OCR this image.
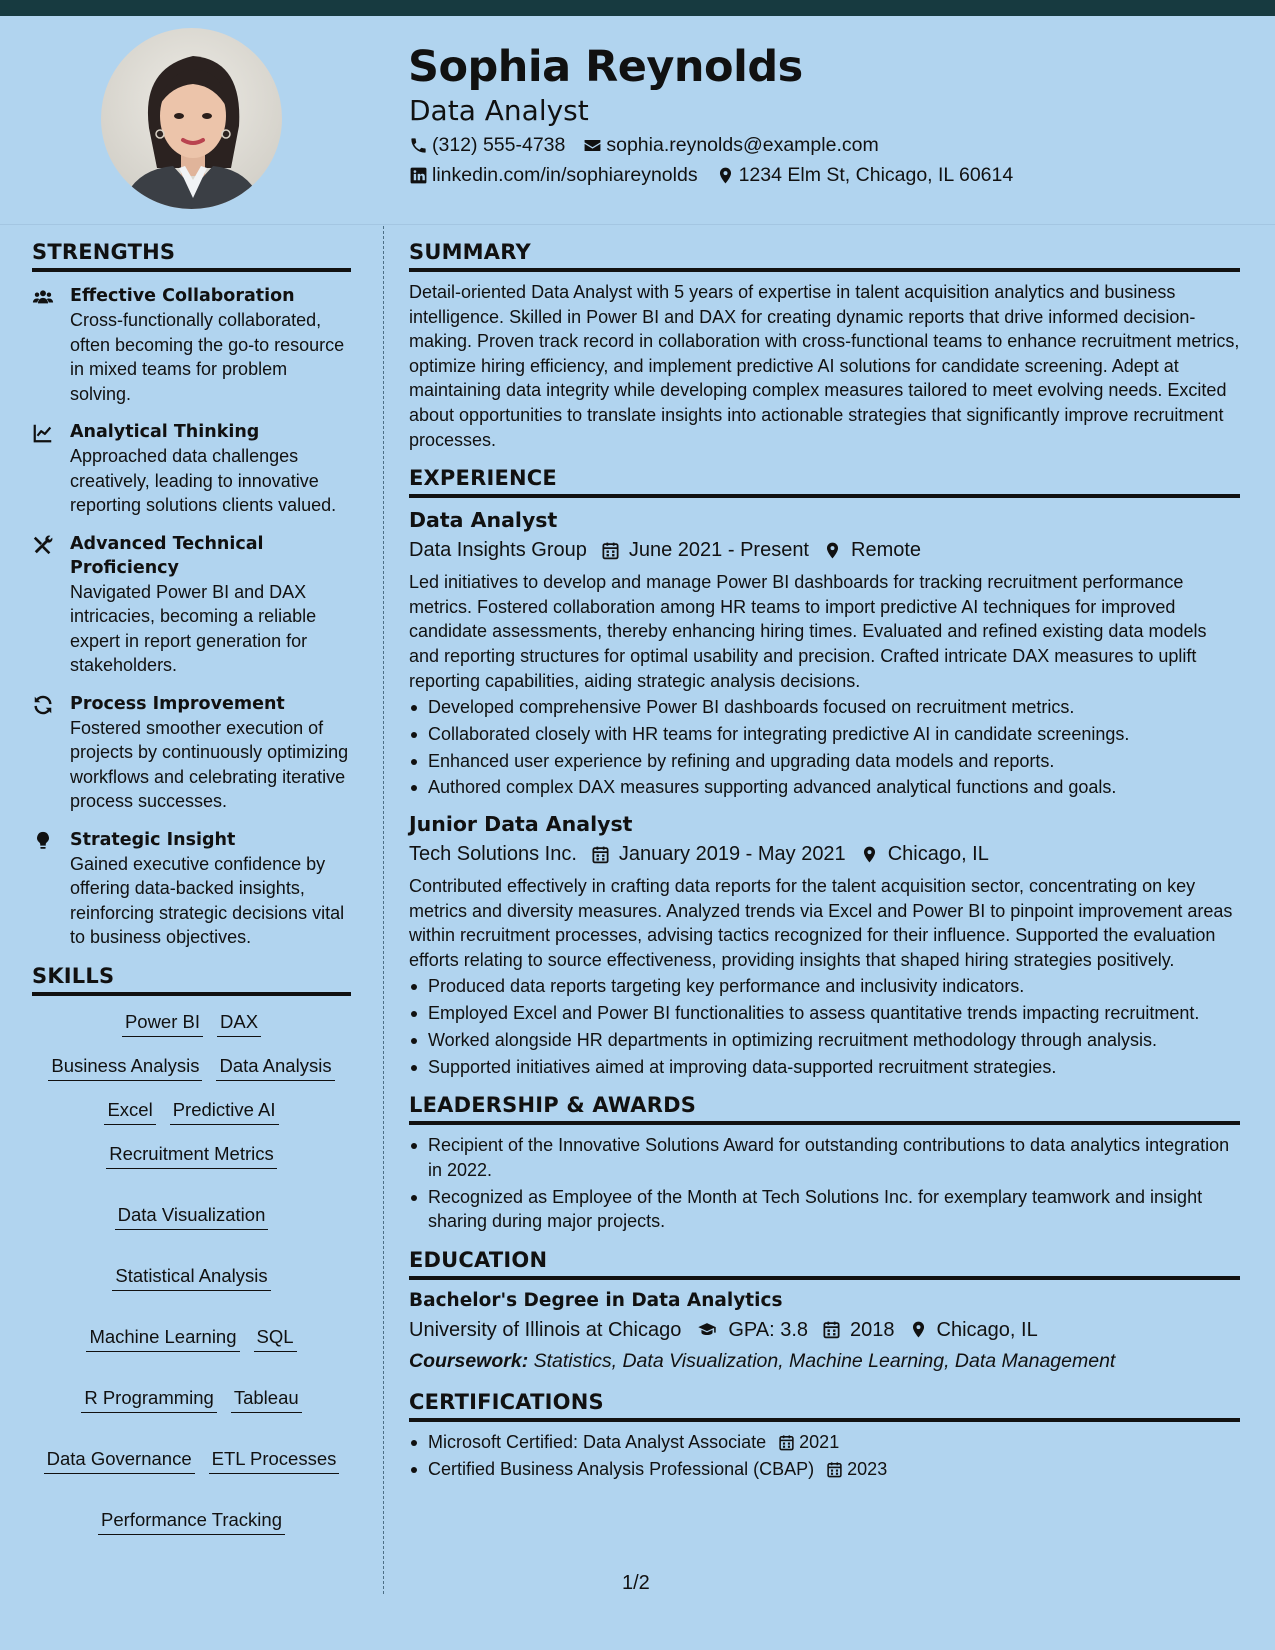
Sophia Reynolds
Data Analyst
(312) 555-4738 sophia.reynolds@example.com
linkedin.com/in/sophiareynolds 1234 Elm St, Chicago, IL 60614
STRENGTHS
Effective Collaboration
Cross-functionally collaborated, often becoming the go-to resource in mixed teams for problem solving.
Analytical Thinking
Approached data challenges creatively, leading to innovative reporting solutions clients valued.
Advanced Technical Proficiency
Navigated Power BI and DAX intricacies, becoming a reliable expert in report generation for stakeholders.
Process Improvement
Fostered smoother execution of projects by continuously optimizing workflows and celebrating iterative process successes.
Strategic Insight
Gained executive confidence by offering data-backed insights, reinforcing strategic decisions vital to business objectives.
SKILLS
Power BI DAX
Business Analysis Data Analysis
Excel Predictive AI
Recruitment Metrics
Data Visualization
Statistical Analysis
Machine Learning SQL
R Programming Tableau
Data Governance ETL Processes
Performance Tracking
SUMMARY
Detail-oriented Data Analyst with 5 years of expertise in talent acquisition analytics and business intelligence. Skilled in Power BI and DAX for creating dynamic reports that drive informed decision-making. Proven track record in collaboration with cross-functional teams to enhance recruitment metrics, optimize hiring efficiency, and implement predictive AI solutions for candidate screening. Adept at maintaining data integrity while developing complex measures tailored to meet evolving needs. Excited about opportunities to translate insights into actionable strategies that significantly improve recruitment processes.
EXPERIENCE
Data Analyst
Data Insights Group June 2021 - Present Remote
Led initiatives to develop and manage Power BI dashboards for tracking recruitment performance metrics. Fostered collaboration among HR teams to import predictive AI techniques for improved candidate assessments, thereby enhancing hiring times. Evaluated and refined existing data models and reporting structures for optimal usability and precision. Crafted intricate DAX measures to uplift reporting capabilities, aiding strategic analysis decisions.
Developed comprehensive Power BI dashboards focused on recruitment metrics.
Collaborated closely with HR teams for integrating predictive AI in candidate screenings.
Enhanced user experience by refining and upgrading data models and reports.
Authored complex DAX measures supporting advanced analytical functions and goals.
Junior Data Analyst
Tech Solutions Inc. January 2019 - May 2021 Chicago, IL
Contributed effectively in crafting data reports for the talent acquisition sector, concentrating on key metrics and diversity measures. Analyzed trends via Excel and Power BI to pinpoint improvement areas within recruitment processes, advising tactics recognized for their influence. Supported the evaluation efforts relating to source effectiveness, providing insights that shaped hiring strategies positively.
Produced data reports targeting key performance and inclusivity indicators.
Employed Excel and Power BI functionalities to assess quantitative trends impacting recruitment.
Worked alongside HR departments in optimizing recruitment methodology through analysis.
Supported initiatives aimed at improving data-supported recruitment strategies.
LEADERSHIP & AWARDS
Recipient of the Innovative Solutions Award for outstanding contributions to data analytics integration in 2022.
Recognized as Employee of the Month at Tech Solutions Inc. for exemplary teamwork and insight sharing during major projects.
EDUCATION
Bachelor's Degree in Data Analytics
University of Illinois at Chicago GPA: 3.8 2018 Chicago, IL
Coursework: Statistics, Data Visualization, Machine Learning, Data Management
CERTIFICATIONS
Microsoft Certified: Data Analyst Associate 2021
Certified Business Analysis Professional (CBAP) 2023
1/2
